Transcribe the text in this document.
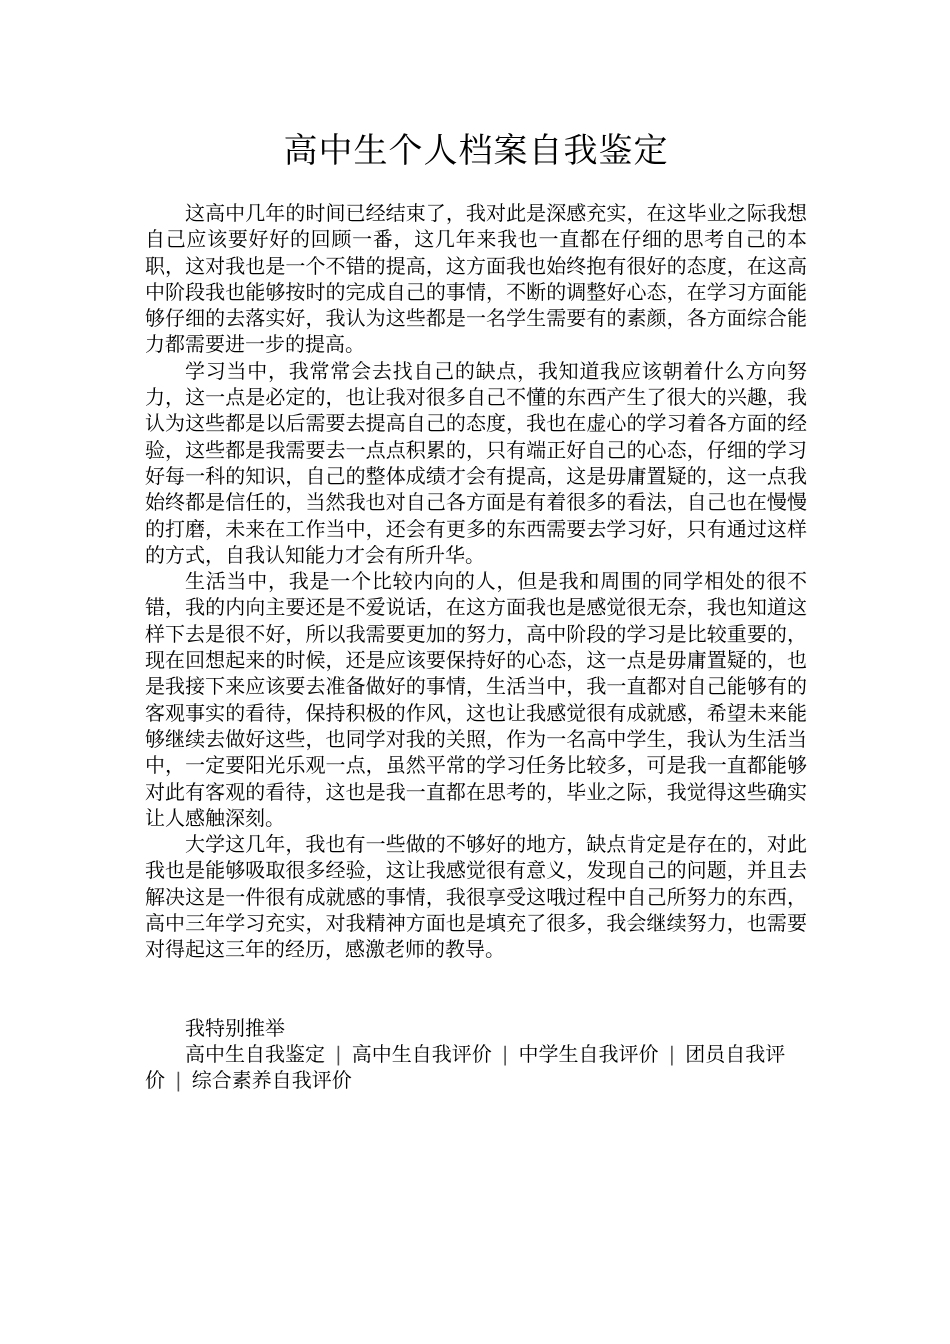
高中生个人档案自我鉴定

这高中几年的时间已经结束了，我对此是深感充实，在这毕业之际我想自己应该要好好的回顾一番，这几年来我也一直都在仔细的思考自己的本职，这对我也是一个不错的提高，这方面我也始终抱有很好的态度，在这高中阶段我也能够按时的完成自己的事情，不断的调整好心态，在学习方面能够仔细的去落实好，我认为这些都是一名学生需要有的素颜，各方面综合能力都需要进一步的提高。

学习当中，我常常会去找自己的缺点，我知道我应该朝着什么方向努力，这一点是必定的，也让我对很多自己不懂的东西产生了很大的兴趣，我认为这些都是以后需要去提高自己的态度，我也在虚心的学习着各方面的经验，这些都是我需要去一点点积累的，只有端正好自己的心态，仔细的学习好每一科的知识，自己的整体成绩才会有提高，这是毋庸置疑的，这一点我始终都是信任的，当然我也对自己各方面是有着很多的看法，自己也在慢慢的打磨，未来在工作当中，还会有更多的东西需要去学习好，只有通过这样的方式，自我认知能力才会有所升华。

生活当中，我是一个比较内向的人，但是我和周围的同学相处的很不错，我的内向主要还是不爱说话，在这方面我也是感觉很无奈，我也知道这样下去是很不好，所以我需要更加的努力，高中阶段的学习是比较重要的，现在回想起来的时候，还是应该要保持好的心态，这一点是毋庸置疑的，也是我接下来应该要去准备做好的事情，生活当中，我一直都对自己能够有的客观事实的看待，保持积极的作风，这也让我感觉很有成就感，希望未来能够继续去做好这些，也同学对我的关照，作为一名高中学生，我认为生活当中，一定要阳光乐观一点，虽然平常的学习任务比较多，可是我一直都能够对此有客观的看待，这也是我一直都在思考的，毕业之际，我觉得这些确实让人感触深刻。

大学这几年，我也有一些做的不够好的地方，缺点肯定是存在的，对此我也是能够吸取很多经验，这让我感觉很有意义，发现自己的问题，并且去解决这是一件很有成就感的事情，我很享受这哦过程中自己所努力的东西，高中三年学习充实，对我精神方面也是填充了很多，我会继续努力，也需要对得起这三年的经历，感激老师的教导。

我特别推举

高中生自我鉴定 | 高中生自我评价 | 中学生自我评价 | 团员自我评价 | 综合素养自我评价
